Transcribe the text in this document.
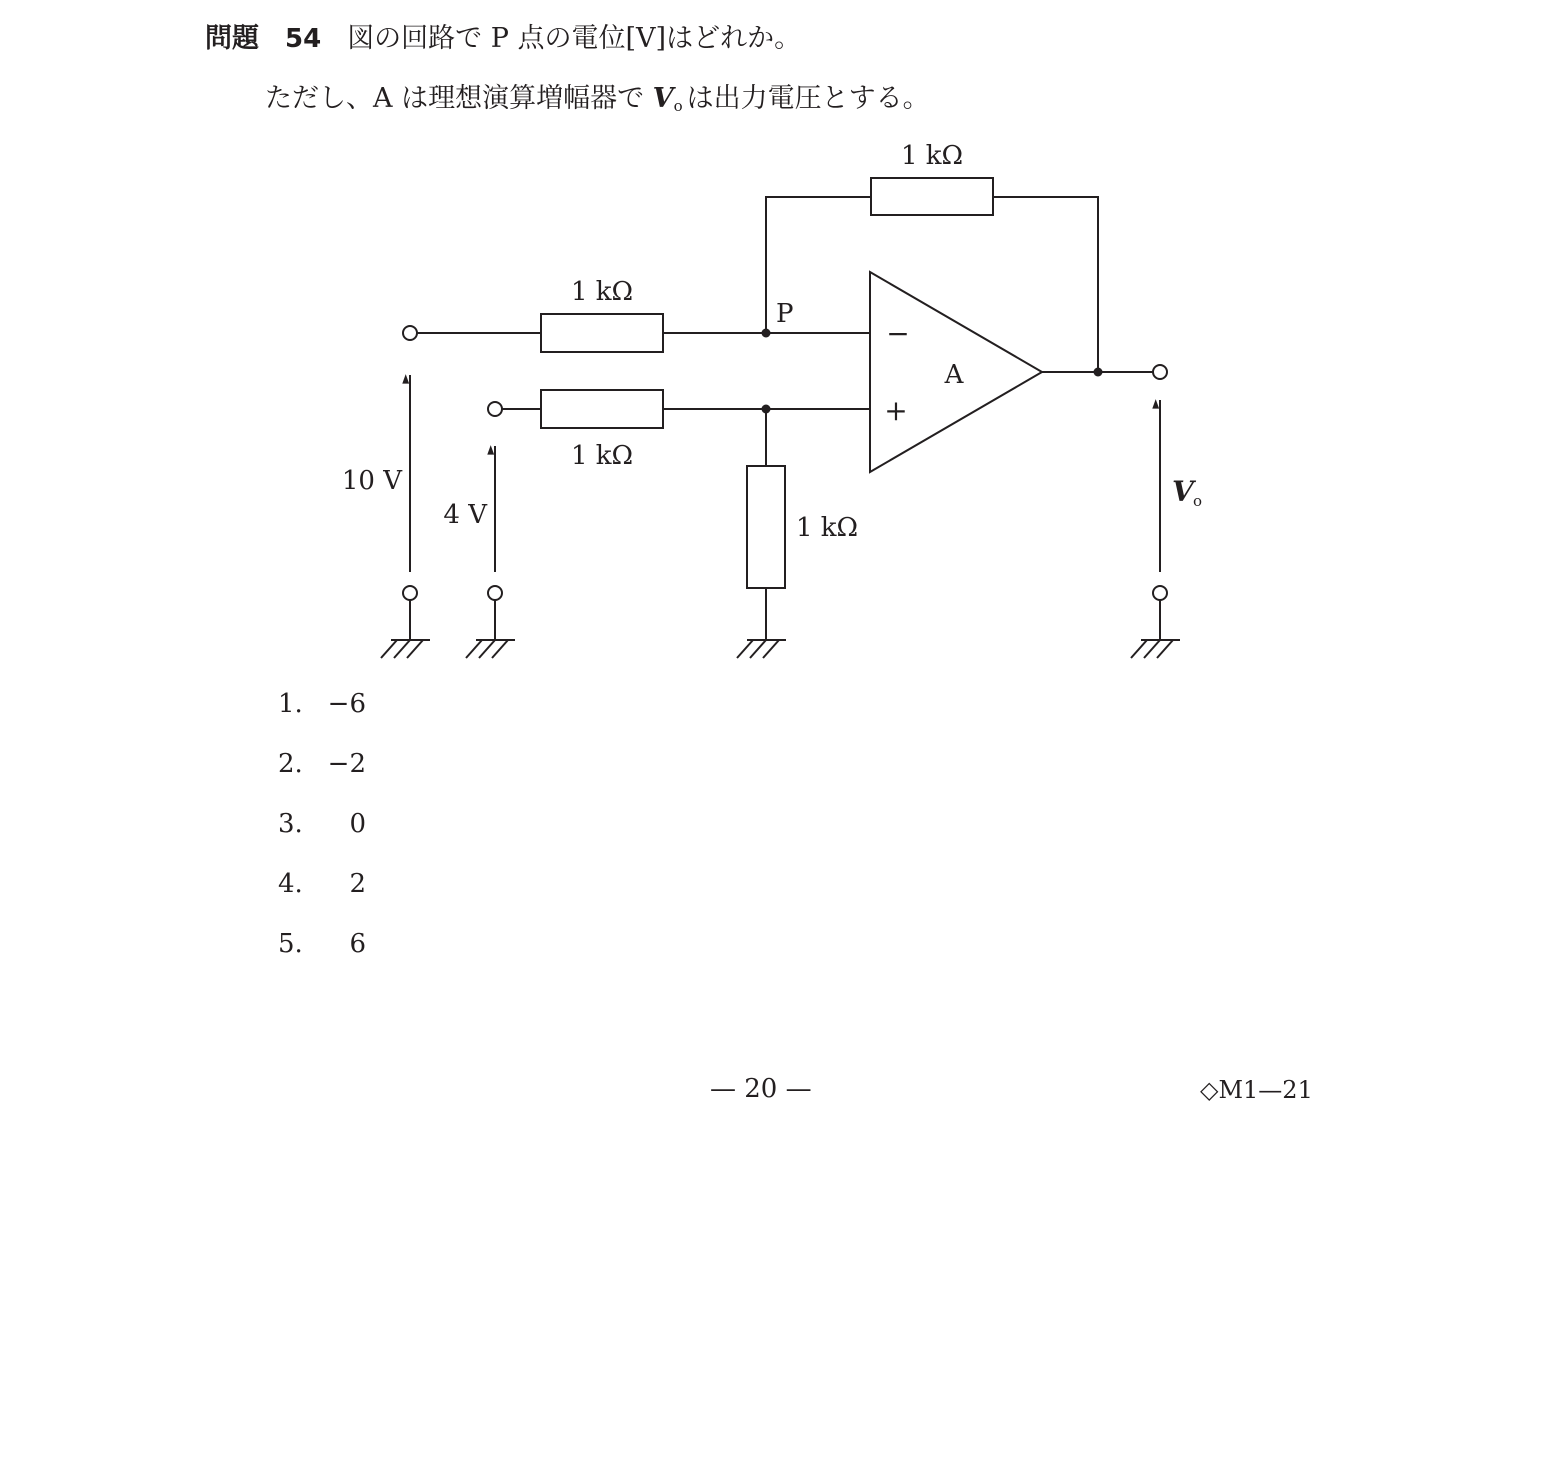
問題 54 図の回路で P 点の電位[V]はどれか。
ただし、A は理想演算増幅器で $V_o$ は出力電圧とする。
1 kΩ
1 kΩ
1 kΩ
1 kΩ
P
A
−
+
10 V
4 V
V o
1. −6
2. −2
3.	0
4.	2
5.	6
— 20 —	◇M1—21
